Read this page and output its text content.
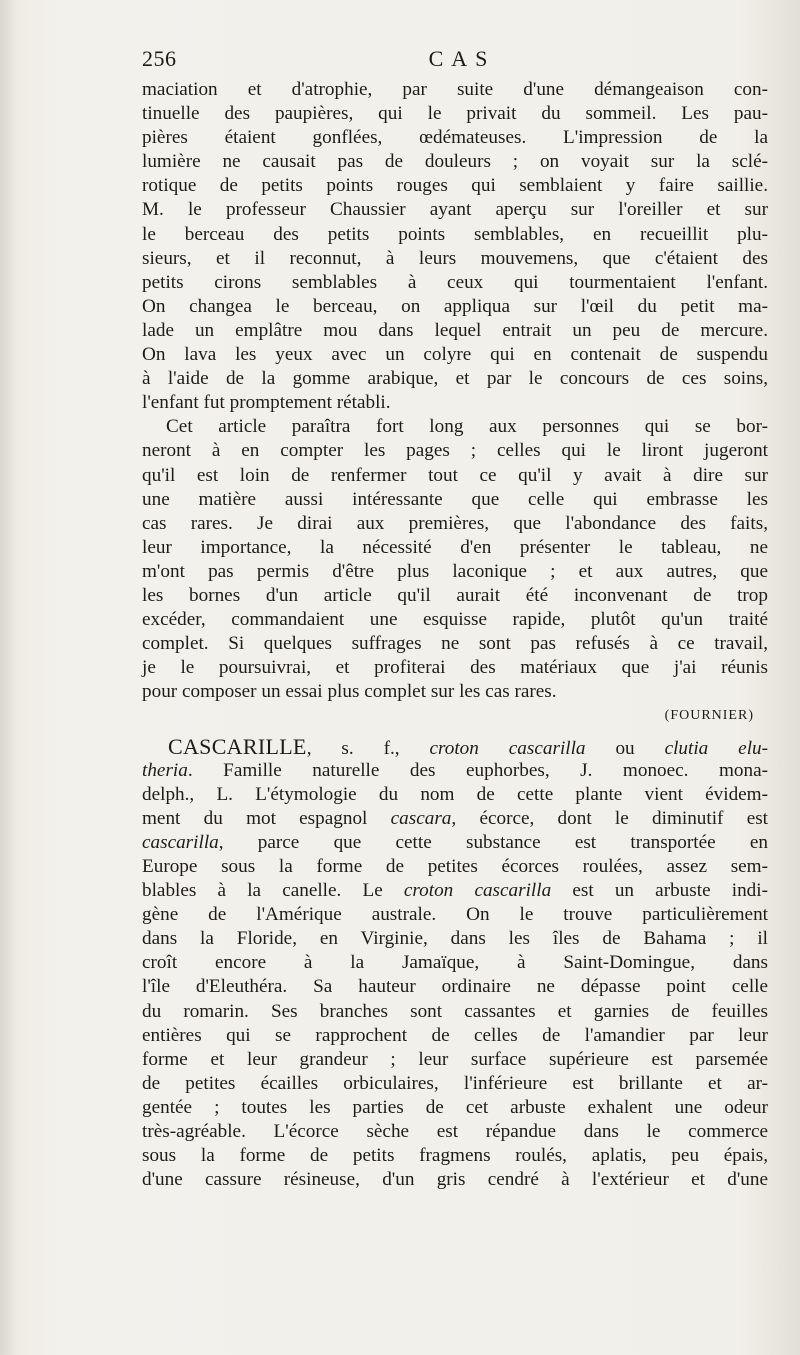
256	CAS
maciation et d'atrophie, par suite d'une démangeaison con-
tinuelle des paupières, qui le privait du sommeil. Les pau-
pières étaient gonflées, œdémateuses. L'impression de la
lumière ne causait pas de douleurs ; on voyait sur la sclé-
rotique de petits points rouges qui semblaient y faire saillie.
M. le professeur Chaussier ayant aperçu sur l'oreiller et sur
le berceau des petits points semblables, en recueillit plu-
sieurs, et il reconnut, à leurs mouvemens, que c'étaient des
petits cirons semblables à ceux qui tourmentaient l'enfant.
On changea le berceau, on appliqua sur l'œil du petit ma-
lade un emplâtre mou dans lequel entrait un peu de mercure.
On lava les yeux avec un colyre qui en contenait de suspendu
à l'aide de la gomme arabique, et par le concours de ces soins,
l'enfant fut promptement rétabli.
Cet article paraîtra fort long aux personnes qui se bor-
neront à en compter les pages ; celles qui le liront jugeront
qu'il est loin de renfermer tout ce qu'il y avait à dire sur
une matière aussi intéressante que celle qui embrasse les
cas rares. Je dirai aux premières, que l'abondance des faits,
leur importance, la nécessité d'en présenter le tableau, ne
m'ont pas permis d'être plus laconique ; et aux autres, que
les bornes d'un article qu'il aurait été inconvenant de trop
excéder, commandaient une esquisse rapide, plutôt qu'un traité
complet. Si quelques suffrages ne sont pas refusés à ce travail,
je le poursuivrai, et profiterai des matériaux que j'ai réunis
pour composer un essai plus complet sur les cas rares.
(FOURNIER)
CASCARILLE, s. f., croton cascarilla ou clutia elu-
theria. Famille naturelle des euphorbes, J. monoec. mona-
delph., L. L'étymologie du nom de cette plante vient évidem-
ment du mot espagnol cascara, écorce, dont le diminutif est
cascarilla, parce que cette substance est transportée en
Europe sous la forme de petites écorces roulées, assez sem-
blables à la canelle. Le croton cascarilla est un arbuste indi-
gène de l'Amérique australe. On le trouve particulièrement
dans la Floride, en Virginie, dans les îles de Bahama ; il
croît encore à la Jamaïque, à Saint-Domingue, dans
l'île d'Eleuthéra. Sa hauteur ordinaire ne dépasse point celle
du romarin. Ses branches sont cassantes et garnies de feuilles
entières qui se rapprochent de celles de l'amandier par leur
forme et leur grandeur ; leur surface supérieure est parsemée
de petites écailles orbiculaires, l'inférieure est brillante et ar-
gentée ; toutes les parties de cet arbuste exhalent une odeur
très-agréable. L'écorce sèche est répandue dans le commerce
sous la forme de petits fragmens roulés, aplatis, peu épais,
d'une cassure résineuse, d'un gris cendré à l'extérieur et d'une
